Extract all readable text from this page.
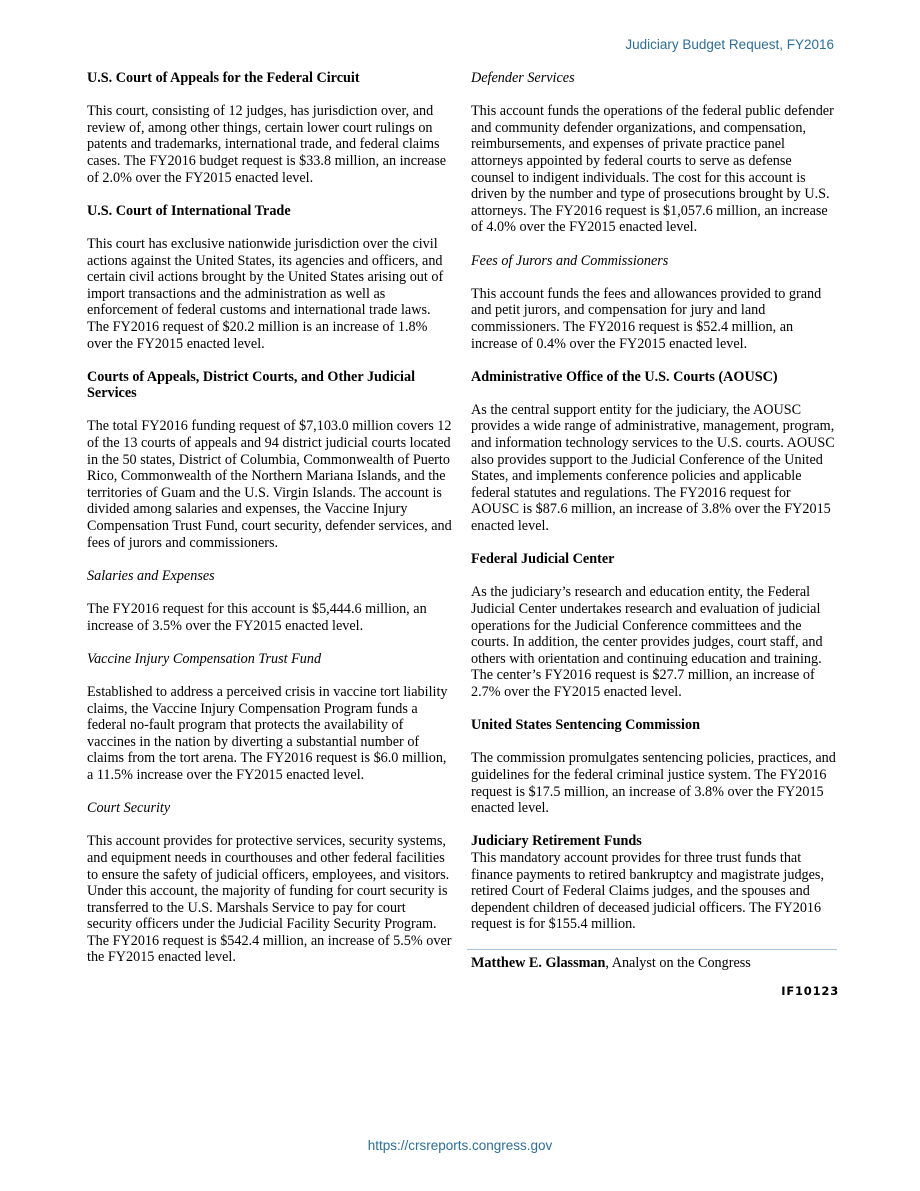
Judiciary Budget Request, FY2016
U.S. Court of Appeals for the Federal Circuit
This court, consisting of 12 judges, has jurisdiction over, and review of, among other things, certain lower court rulings on patents and trademarks, international trade, and federal claims cases. The FY2016 budget request is $33.8 million, an increase of 2.0% over the FY2015 enacted level.
U.S. Court of International Trade
This court has exclusive nationwide jurisdiction over the civil actions against the United States, its agencies and officers, and certain civil actions brought by the United States arising out of import transactions and the administration as well as enforcement of federal customs and international trade laws. The FY2016 request of $20.2 million is an increase of 1.8% over the FY2015 enacted level.
Courts of Appeals, District Courts, and Other Judicial Services
The total FY2016 funding request of $7,103.0 million covers 12 of the 13 courts of appeals and 94 district judicial courts located in the 50 states, District of Columbia, Commonwealth of Puerto Rico, Commonwealth of the Northern Mariana Islands, and the territories of Guam and the U.S. Virgin Islands. The account is divided among salaries and expenses, the Vaccine Injury Compensation Trust Fund, court security, defender services, and fees of jurors and commissioners.
Salaries and Expenses
The FY2016 request for this account is $5,444.6 million, an increase of 3.5% over the FY2015 enacted level.
Vaccine Injury Compensation Trust Fund
Established to address a perceived crisis in vaccine tort liability claims, the Vaccine Injury Compensation Program funds a federal no-fault program that protects the availability of vaccines in the nation by diverting a substantial number of claims from the tort arena. The FY2016 request is $6.0 million, a 11.5% increase over the FY2015 enacted level.
Court Security
This account provides for protective services, security systems, and equipment needs in courthouses and other federal facilities to ensure the safety of judicial officers, employees, and visitors. Under this account, the majority of funding for court security is transferred to the U.S. Marshals Service to pay for court security officers under the Judicial Facility Security Program. The FY2016 request is $542.4 million, an increase of 5.5% over the FY2015 enacted level.
Defender Services
This account funds the operations of the federal public defender and community defender organizations, and compensation, reimbursements, and expenses of private practice panel attorneys appointed by federal courts to serve as defense counsel to indigent individuals. The cost for this account is driven by the number and type of prosecutions brought by U.S. attorneys. The FY2016 request is $1,057.6 million, an increase of 4.0% over the FY2015 enacted level.
Fees of Jurors and Commissioners
This account funds the fees and allowances provided to grand and petit jurors, and compensation for jury and land commissioners. The FY2016 request is $52.4 million, an increase of 0.4% over the FY2015 enacted level.
Administrative Office of the U.S. Courts (AOUSC)
As the central support entity for the judiciary, the AOUSC provides a wide range of administrative, management, program, and information technology services to the U.S. courts. AOUSC also provides support to the Judicial Conference of the United States, and implements conference policies and applicable federal statutes and regulations. The FY2016 request for AOUSC is $87.6 million, an increase of 3.8% over the FY2015 enacted level.
Federal Judicial Center
As the judiciary’s research and education entity, the Federal Judicial Center undertakes research and evaluation of judicial operations for the Judicial Conference committees and the courts. In addition, the center provides judges, court staff, and others with orientation and continuing education and training. The center’s FY2016 request is $27.7 million, an increase of 2.7% over the FY2015 enacted level.
United States Sentencing Commission
The commission promulgates sentencing policies, practices, and guidelines for the federal criminal justice system. The FY2016 request is $17.5 million, an increase of 3.8% over the FY2015 enacted level.
Judiciary Retirement Funds
This mandatory account provides for three trust funds that finance payments to retired bankruptcy and magistrate judges, retired Court of Federal Claims judges, and the spouses and dependent children of deceased judicial officers. The FY2016 request is for $155.4 million.
Matthew E. Glassman, Analyst on the Congress
IF10123
https://crsreports.congress.gov
